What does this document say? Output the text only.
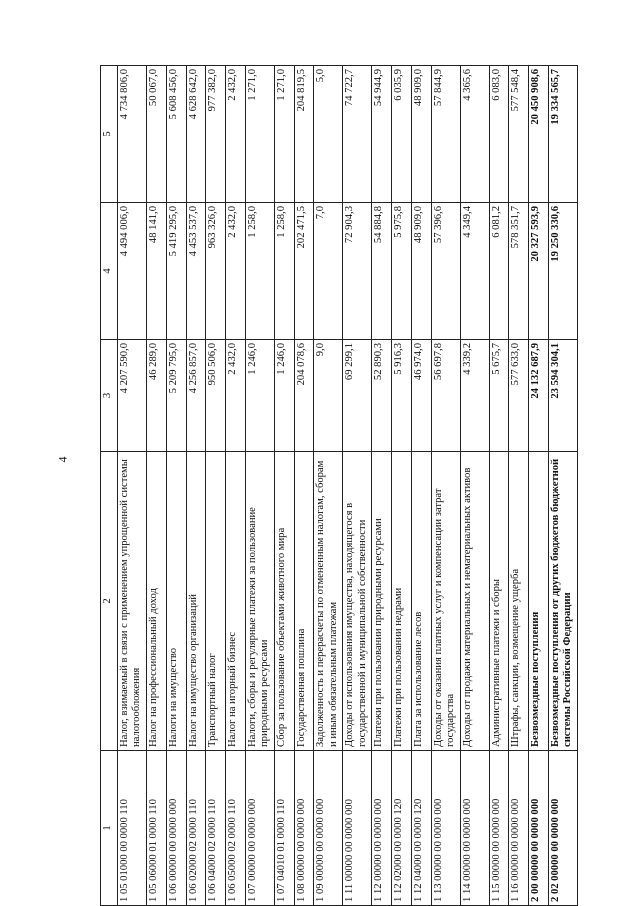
4
1	2	3	4	5
1 05 01000 00 0000 110	Налог, взимаемый в связи с применением упрощенной системы налогообложения	4 207 590,0	4 494 006,0	4 734 806,0
1 05 06000 01 0000 110	Налог на профессиональный доход	46 289,0	48 141,0	50 067,0
1 06 00000 00 0000 000	Налоги на имущество	5 209 795,0	5 419 295,0	5 608 456,0
1 06 02000 02 0000 110	Налог на имущество организаций	4 256 857,0	4 453 537,0	4 628 642,0
1 06 04000 02 0000 110	Транспортный налог	950 506,0	963 326,0	977 382,0
1 06 05000 02 0000 110	Налог на игорный бизнес	2 432,0	2 432,0	2 432,0
1 07 00000 00 0000 000	Налоги, сборы и регулярные платежи за пользование природными ресурсами	1 246,0	1 258,0	1 271,0
1 07 04010 01 0000 110	Сбор за пользование объектами животного мира	1 246,0	1 258,0	1 271,0
1 08 00000 00 0000 000	Государственная пошлина	204 078,6	202 471,5	204 819,5
1 09 00000 00 0000 000	Задолженность и перерасчеты по отмененным налогам, сборам и иным обязательным платежам	9,0	7,0	5,0
1 11 00000 00 0000 000	Доходы от использования имущества, находящегося в государственной и муниципальной собственности	69 299,1	72 904,3	74 722,7
1 12 00000 00 0000 000	Платежи при пользовании природными ресурсами	52 890,3	54 884,8	54 944,9
1 12 02000 00 0000 120	Платежи при пользовании недрами	5 916,3	5 975,8	6 035,9
1 12 04000 00 0000 120	Плата за использование лесов	46 974,0	48 909,0	48 909,0
1 13 00000 00 0000 000	Доходы от оказания платных услуг и компенсации затрат государства	56 697,8	57 396,6	57 844,9
1 14 00000 00 0000 000	Доходы от продажи материальных и нематериальных активов	4 339,2	4 349,4	4 365,6
1 15 00000 00 0000 000	Административные платежи и сборы	5 675,7	6 081,2	6 083,0
1 16 00000 00 0000 000	Штрафы, санкции, возмещение ущерба	577 633,0	578 351,7	577 548,4
2 00 00000 00 0000 000	Безвозмездные поступления	24 132 687,9	20 327 593,9	20 450 908,6
2 02 00000 00 0000 000	Безвозмездные поступления от других бюджетов бюджетной системы Российской Федерации	23 594 304,1	19 250 330,6	19 334 565,7
